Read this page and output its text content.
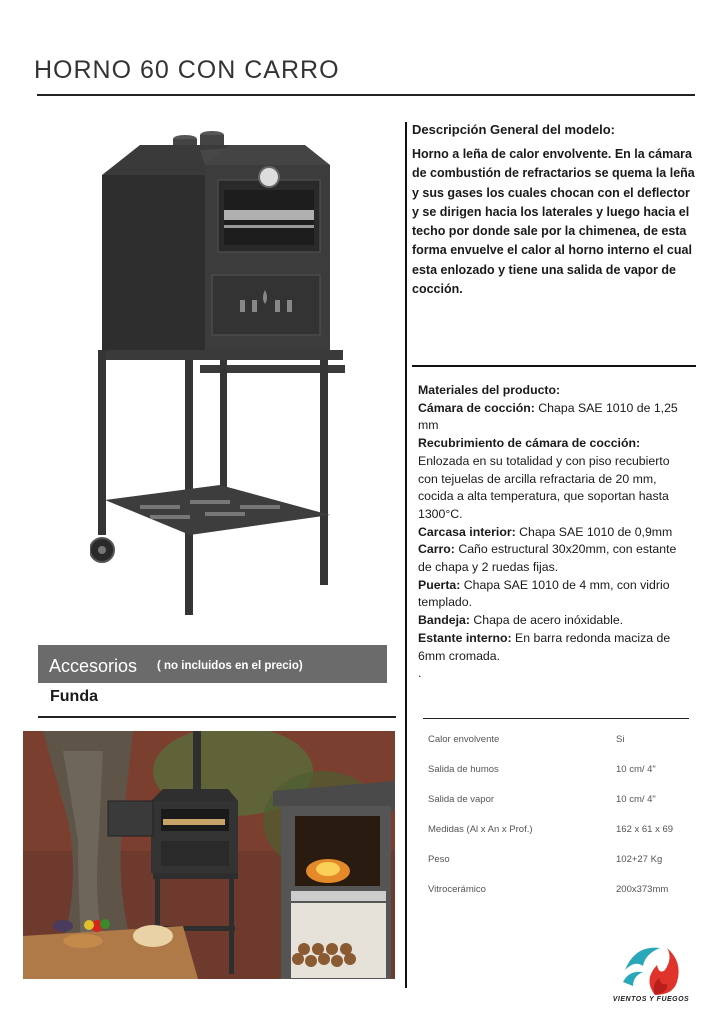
HORNO 60 CON CARRO
Descripción General del modelo:
Horno a leña de calor envolvente. En la cámara de combustión de refractarios se quema la leña y sus gases los cuales chocan con el deflector y se dirigen hacia los laterales y luego hacia el techo por donde sale por la chimenea, de esta forma envuelve el calor al horno interno el cual esta enlozado y tiene una salida de vapor de cocción.

Materiales del producto:

Cámara de cocción: Chapa SAE 1010 de 1,25 mm

Recubrimiento de cámara de cocción: Enlozada en su totalidad y con piso recubierto con tejuelas de arcilla refractaria de 20 mm, cocida a alta temperatura, que soportan hasta 1300°C.

Carcasa interior: Chapa SAE 1010 de 0,9mm

Carro: Caño estructural 30x20mm, con estante de chapa y 2 ruedas fijas.

Puerta: Chapa SAE 1010 de 4 mm, con vidrio templado.

Bandeja: Chapa de acero inóxidable.

Estante interno: En barra redonda maciza de 6mm cromada.

.

Accesorios ( no incluidos en el precio)
Funda
Calor envolvente	Si
Salida de humos	10 cm/ 4"
Salida de vapor	10 cm/ 4"
Medidas (Al x An x Prof.)	162 x 61 x 69
Peso	102+27 Kg
Vitrocerámico	200x373mm
VIENTOS Y FUEGOS
